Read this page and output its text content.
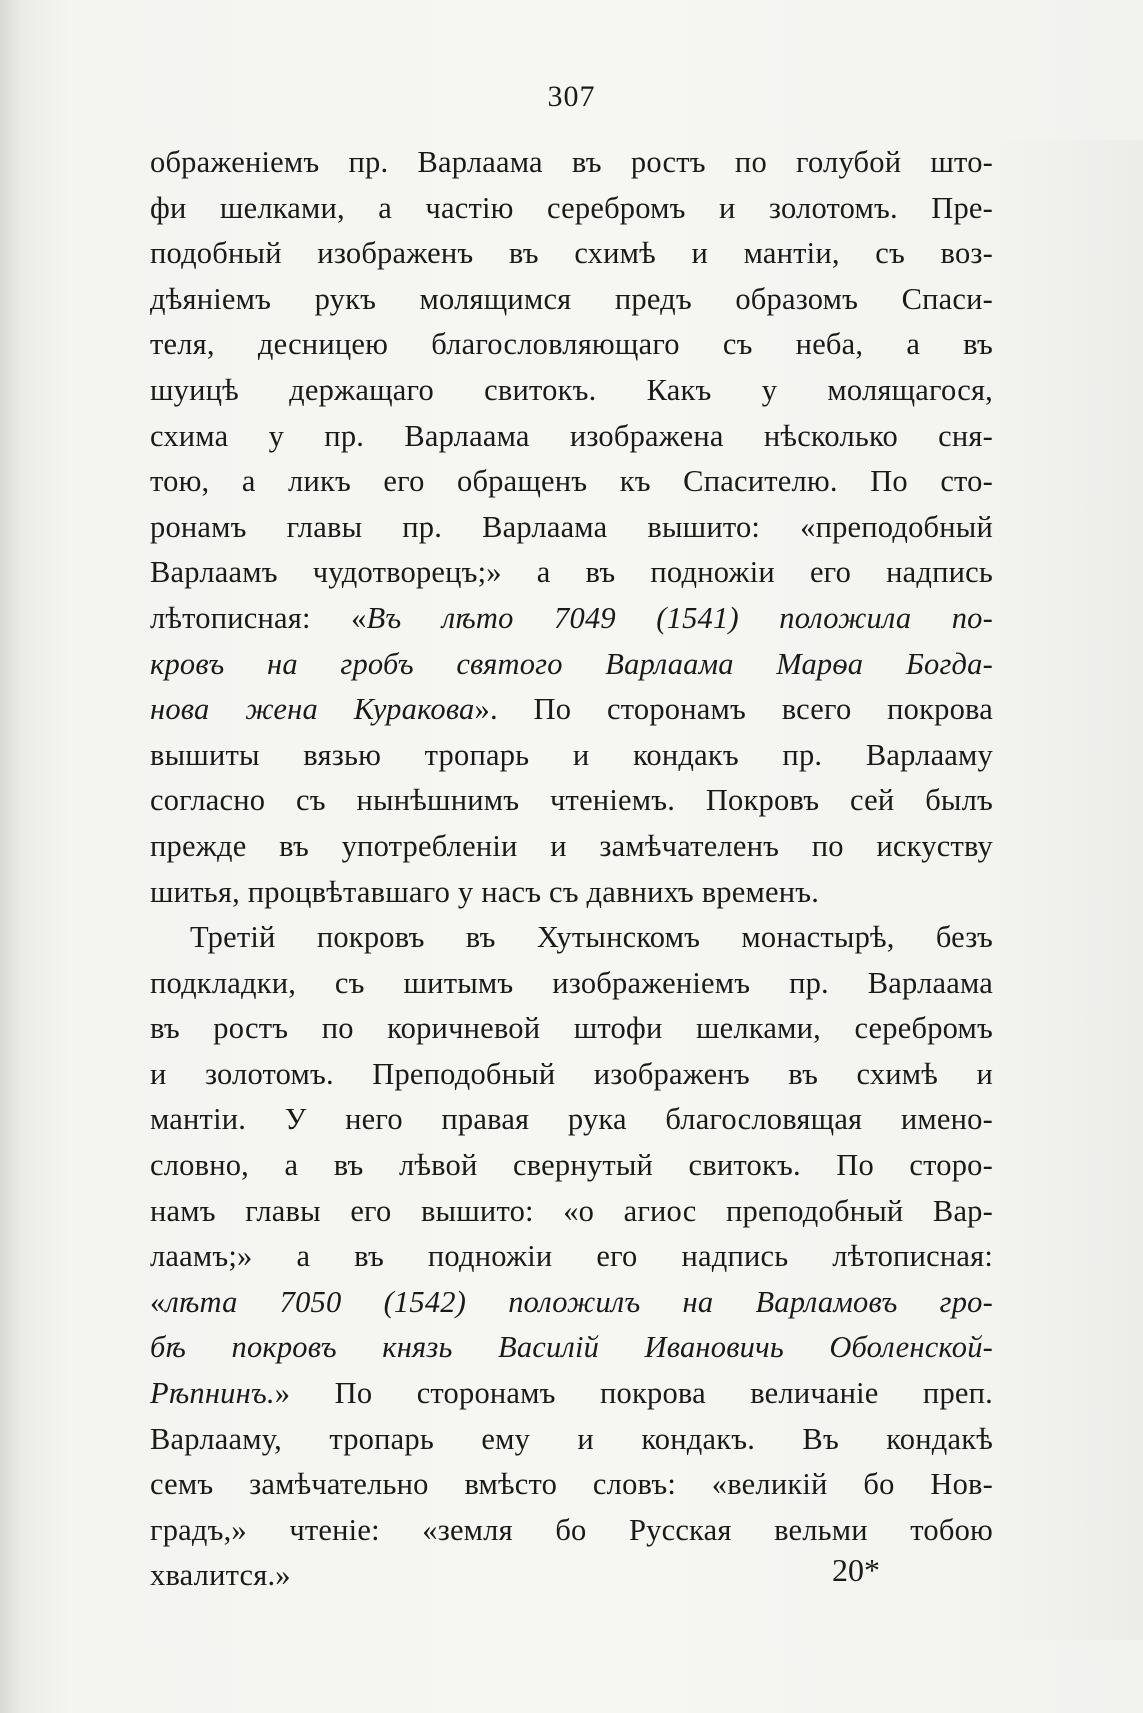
307
ображеніемъ пр. Варлаама въ ростъ по голубой што-
фи шелками, а частію серебромъ и золотомъ. Пре-
подобный изображенъ въ схимѣ и мантіи, съ воз-
дѣяніемъ рукъ молящимся предъ образомъ Спаси-
теля, десницею благословляющаго съ неба, а въ
шуицѣ держащаго свитокъ. Какъ у молящагося,
схима у пр. Варлаама изображена нѣсколько сня-
тою, а ликъ его обращенъ къ Спасителю. По сто-
ронамъ главы пр. Варлаама вышито: «преподобный
Варлаамъ чудотворецъ;» а въ подножіи его надпись
лѣтописная: «Въ лѣто 7049 (1541) положила по-
кровъ на гробъ святого Варлаама Марѳа Богда-
нова жена Куракова». По сторонамъ всего покрова
вышиты вязью тропарь и кондакъ пр. Варлааму
согласно съ нынѣшнимъ чтеніемъ. Покровъ сей былъ
прежде въ употребленіи и замѣчателенъ по искуству
шитья, процвѣтавшаго у насъ съ давнихъ временъ.
Третій покровъ въ Хутынскомъ монастырѣ, безъ
подкладки, съ шитымъ изображеніемъ пр. Варлаама
въ ростъ по коричневой штофи шелками, серебромъ
и золотомъ. Преподобный изображенъ въ схимѣ и
мантіи. У него правая рука благословящая имено-
словно, а въ лѣвой свернутый свитокъ. По сторо-
намъ главы его вышито: «о агиос преподобный Вар-
лаамъ;» а въ подножіи его надпись лѣтописная:
«лѣта 7050 (1542) положилъ на Варламовъ гро-
бѣ покровъ князь Василій Ивановичь Оболенской-
Рѣпнинъ.» По сторонамъ покрова величаніе преп.
Варлааму, тропарь ему и кондакъ. Въ кондакѣ
семъ замѣчательно вмѣсто словъ: «великій бо Нов-
градъ,» чтеніе: «земля бо Русская вельми тобою
хвалится.»	20*
